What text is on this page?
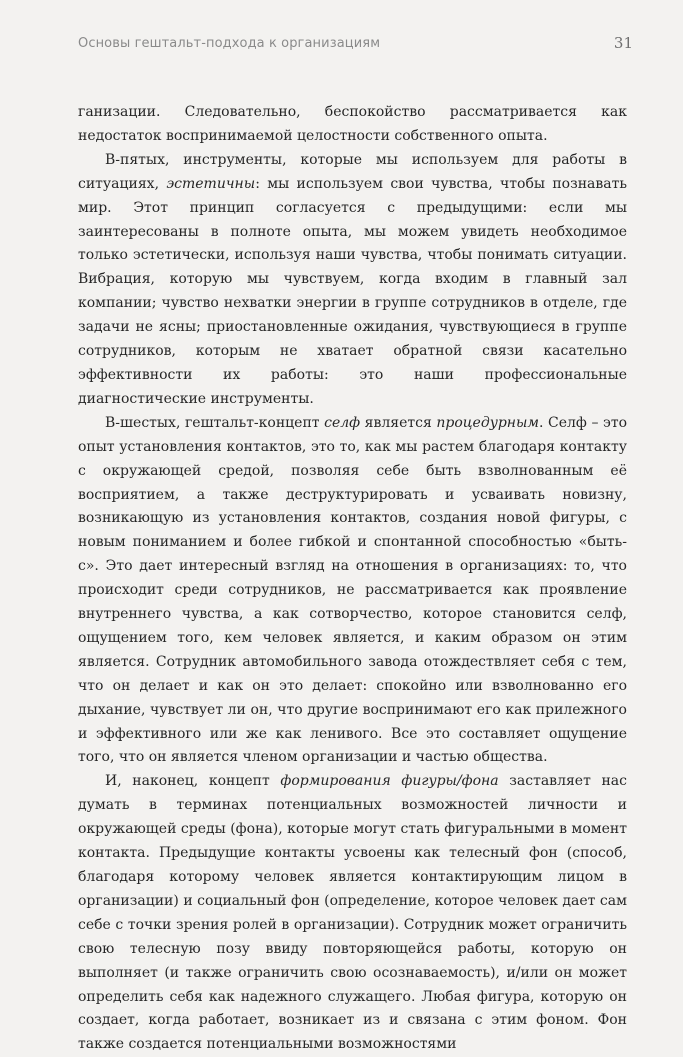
Основы гештальт-подхода к организациям	31

ганизации. Следовательно, беспокойство рассматривается как недостаток воспринимаемой целостности собственного опыта.

В-пятых, инструменты, которые мы используем для работы в ситуациях, эстетичны: мы используем свои чувства, чтобы познавать мир. Этот принцип согласуется с предыдущими: если мы заинтересованы в полноте опыта, мы можем увидеть необходимое только эстетически, используя наши чувства, чтобы понимать ситуации. Вибрация, которую мы чувствуем, когда входим в главный зал компании; чувство нехватки энергии в группе сотрудников в отделе, где задачи не ясны; приостановленные ожидания, чувствующиеся в группе сотрудников, которым не хватает обратной связи касательно эффективности их работы: это наши профессиональные диагностические инструменты.

В-шестых, гештальт-концепт селф является процедурным. Селф – это опыт установления контактов, это то, как мы растем благодаря контакту с окружающей средой, позволяя себе быть взволнованным её восприятием, а также деструктурировать и усваивать новизну, возникающую из установления контактов, создания новой фигуры, с новым пониманием и более гибкой и спонтанной способностью «быть-с». Это дает интересный взгляд на отношения в организациях: то, что происходит среди сотрудников, не рассматривается как проявление внутреннего чувства, а как сотворчество, которое становится селф, ощущением того, кем человек является, и каким образом он этим является. Сотрудник автомобильного завода отождествляет себя с тем, что он делает и как он это делает: спокойно или взволнованно его дыхание, чувствует ли он, что другие воспринимают его как прилежного и эффективного или же как ленивого. Все это составляет ощущение того, что он является членом организации и частью общества.

И, наконец, концепт формирования фигуры/фона заставляет нас думать в терминах потенциальных возможностей личности и окружающей среды (фона), которые могут стать фигуральными в момент контакта. Предыдущие контакты усвоены как телесный фон (способ, благодаря которому человек является контактирующим лицом в организации) и социальный фон (определение, которое человек дает сам себе с точки зрения ролей в организации). Сотрудник может ограничить свою телесную позу ввиду повторяющейся работы, которую он выполняет (и также ограничить свою осознаваемость), и/или он может определить себя как надежного служащего. Любая фигура, которую он создает, когда работает, возникает из и связана с этим фоном. Фон также создается потенциальными возможностями
